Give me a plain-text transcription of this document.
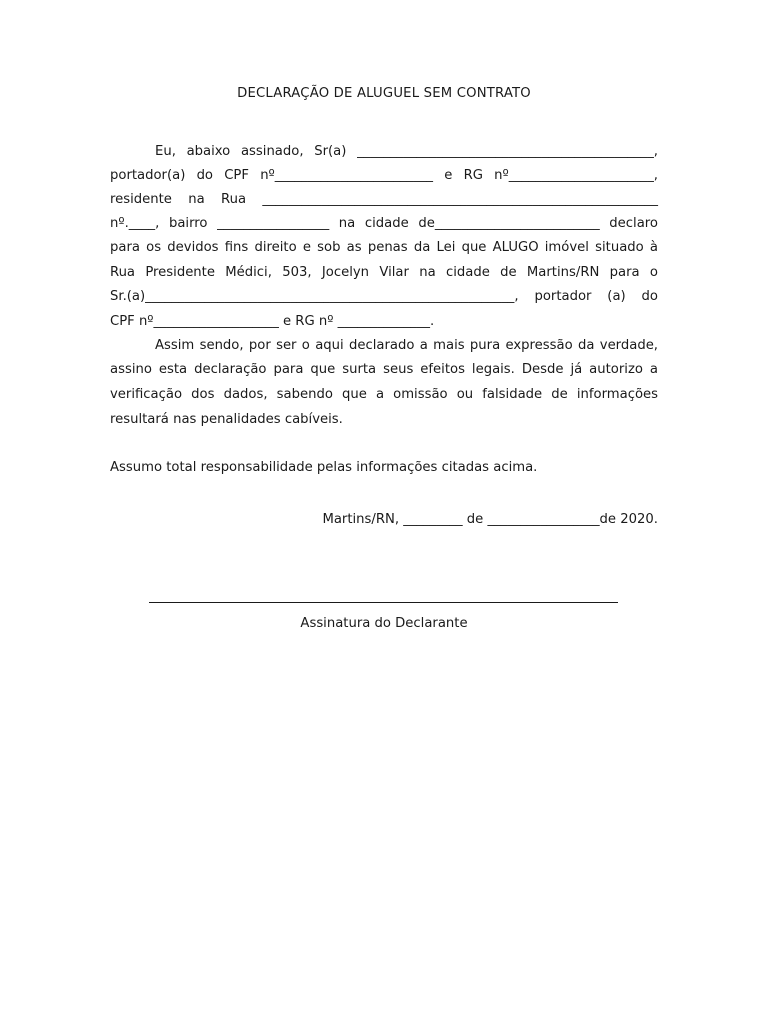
DECLARAÇÃO DE ALUGUEL SEM CONTRATO
Eu, abaixo assinado, Sr(a) _____________________________________________,
portador(a) do CPF nº________________________ e RG nº______________________,
residente na Rua ____________________________________________________________
nº.____, bairro _________________ na cidade de_________________________ declaro
para os devidos fins direito e sob as penas da Lei que ALUGO imóvel situado à
Rua Presidente Médici, 503, Jocelyn Vilar na cidade de Martins/RN para o
Sr.(a)________________________________________________________, portador (a) do
CPF nº___________________ e RG nº ______________.
Assim sendo, por ser o aqui declarado a mais pura expressão da verdade,
assino esta declaração para que surta seus efeitos legais. Desde já autorizo a
verificação dos dados, sabendo que a omissão ou falsidade de informações
resultará nas penalidades cabíveis.
Assumo total responsabilidade pelas informações citadas acima.
Martins/RN, _________ de _________________de 2020.
Assinatura do Declarante
